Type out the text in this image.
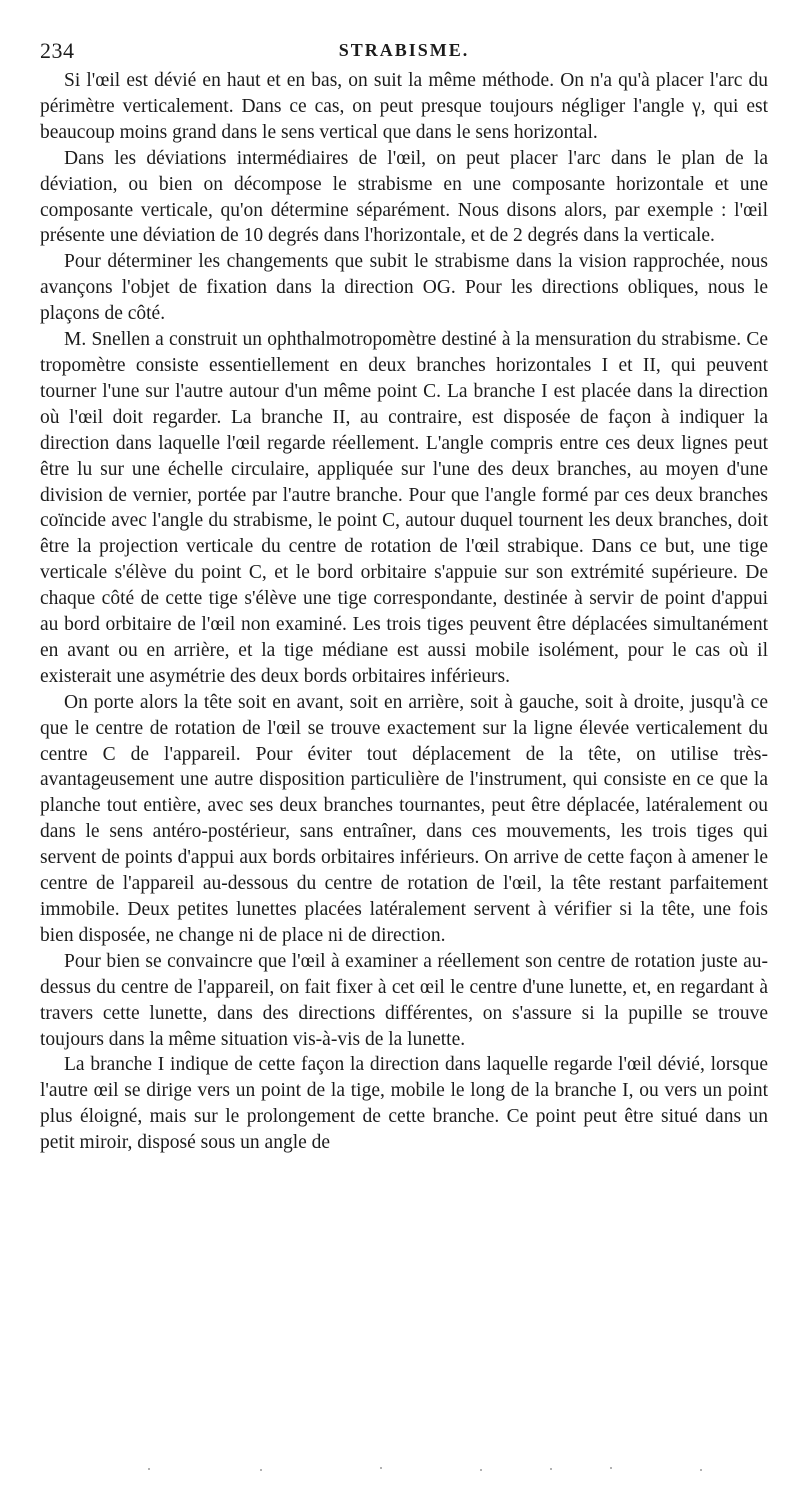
234	STRABISME.

Si l'œil est dévié en haut et en bas, on suit la même méthode. On n'a qu'à placer l'arc du périmètre verticalement. Dans ce cas, on peut presque toujours négliger l'angle γ, qui est beaucoup moins grand dans le sens vertical que dans le sens horizontal.

Dans les déviations intermédiaires de l'œil, on peut placer l'arc dans le plan de la déviation, ou bien on décompose le strabisme en une composante horizontale et une composante verticale, qu'on détermine séparément. Nous disons alors, par exemple : l'œil présente une déviation de 10 degrés dans l'horizontale, et de 2 degrés dans la verticale.

Pour déterminer les changements que subit le strabisme dans la vision rapprochée, nous avançons l'objet de fixation dans la direction OG. Pour les directions obliques, nous le plaçons de côté.

M. Snellen a construit un ophthalmotropomètre destiné à la mensuration du strabisme. Ce tropomètre consiste essentiellement en deux branches horizontales I et II, qui peuvent tourner l'une sur l'autre autour d'un même point C. La branche I est placée dans la direction où l'œil doit regarder. La branche II, au contraire, est disposée de façon à indiquer la direction dans laquelle l'œil regarde réellement. L'angle compris entre ces deux lignes peut être lu sur une échelle circulaire, appliquée sur l'une des deux branches, au moyen d'une division de vernier, portée par l'autre branche. Pour que l'angle formé par ces deux branches coïncide avec l'angle du strabisme, le point C, autour duquel tournent les deux branches, doit être la projection verticale du centre de rotation de l'œil strabique. Dans ce but, une tige verticale s'élève du point C, et le bord orbitaire s'appuie sur son extrémité supérieure. De chaque côté de cette tige s'élève une tige correspondante, destinée à servir de point d'appui au bord orbitaire de l'œil non examiné. Les trois tiges peuvent être déplacées simultanément en avant ou en arrière, et la tige médiane est aussi mobile isolément, pour le cas où il existerait une asymétrie des deux bords orbitaires inférieurs.

On porte alors la tête soit en avant, soit en arrière, soit à gauche, soit à droite, jusqu'à ce que le centre de rotation de l'œil se trouve exactement sur la ligne élevée verticalement du centre C de l'appareil. Pour éviter tout déplacement de la tête, on utilise très-avantageusement une autre disposition particulière de l'instrument, qui consiste en ce que la planche tout entière, avec ses deux branches tournantes, peut être déplacée, latéralement ou dans le sens antéro-postérieur, sans entraîner, dans ces mouvements, les trois tiges qui servent de points d'appui aux bords orbitaires inférieurs. On arrive de cette façon à amener le centre de l'appareil au-dessous du centre de rotation de l'œil, la tête restant parfaitement immobile. Deux petites lunettes placées latéralement servent à vérifier si la tête, une fois bien disposée, ne change ni de place ni de direction.

Pour bien se convaincre que l'œil à examiner a réellement son centre de rotation juste au-dessus du centre de l'appareil, on fait fixer à cet œil le centre d'une lunette, et, en regardant à travers cette lunette, dans des directions différentes, on s'assure si la pupille se trouve toujours dans la même situation vis-à-vis de la lunette.

La branche I indique de cette façon la direction dans laquelle regarde l'œil dévié, lorsque l'autre œil se dirige vers un point de la tige, mobile le long de la branche I, ou vers un point plus éloigné, mais sur le prolongement de cette branche. Ce point peut être situé dans un petit miroir, disposé sous un angle de
